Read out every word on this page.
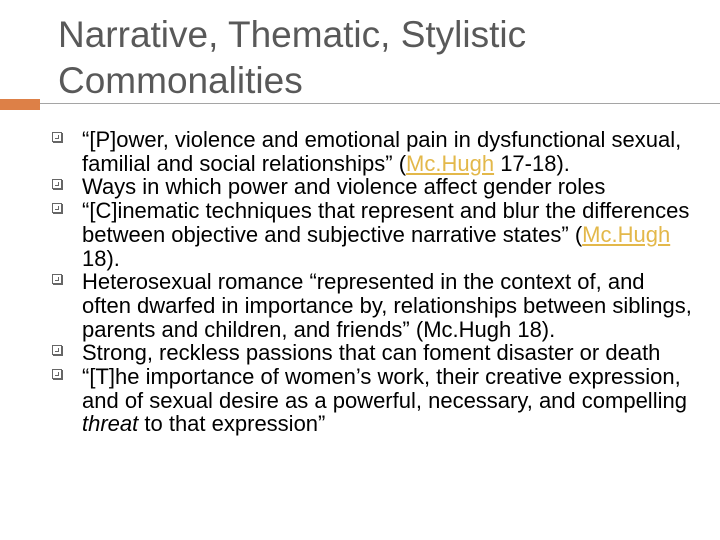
Narrative, Thematic, Stylistic
Commonalities
“[P]ower, violence and emotional pain in dysfunctional sexual, familial and social relationships” (Mc.Hugh 17-18).
Ways in which power and violence affect gender roles
“[C]inematic techniques that represent and blur the differences between objective and subjective narrative states” (Mc.Hugh 18).
Heterosexual romance “represented in the context of, and often dwarfed in importance by, relationships between siblings, parents and children, and friends” (Mc.Hugh 18).
Strong, reckless passions that can foment disaster or death
“[T]he importance of women’s work, their creative expression, and of sexual desire as a powerful, necessary, and compelling threat to that expression”
